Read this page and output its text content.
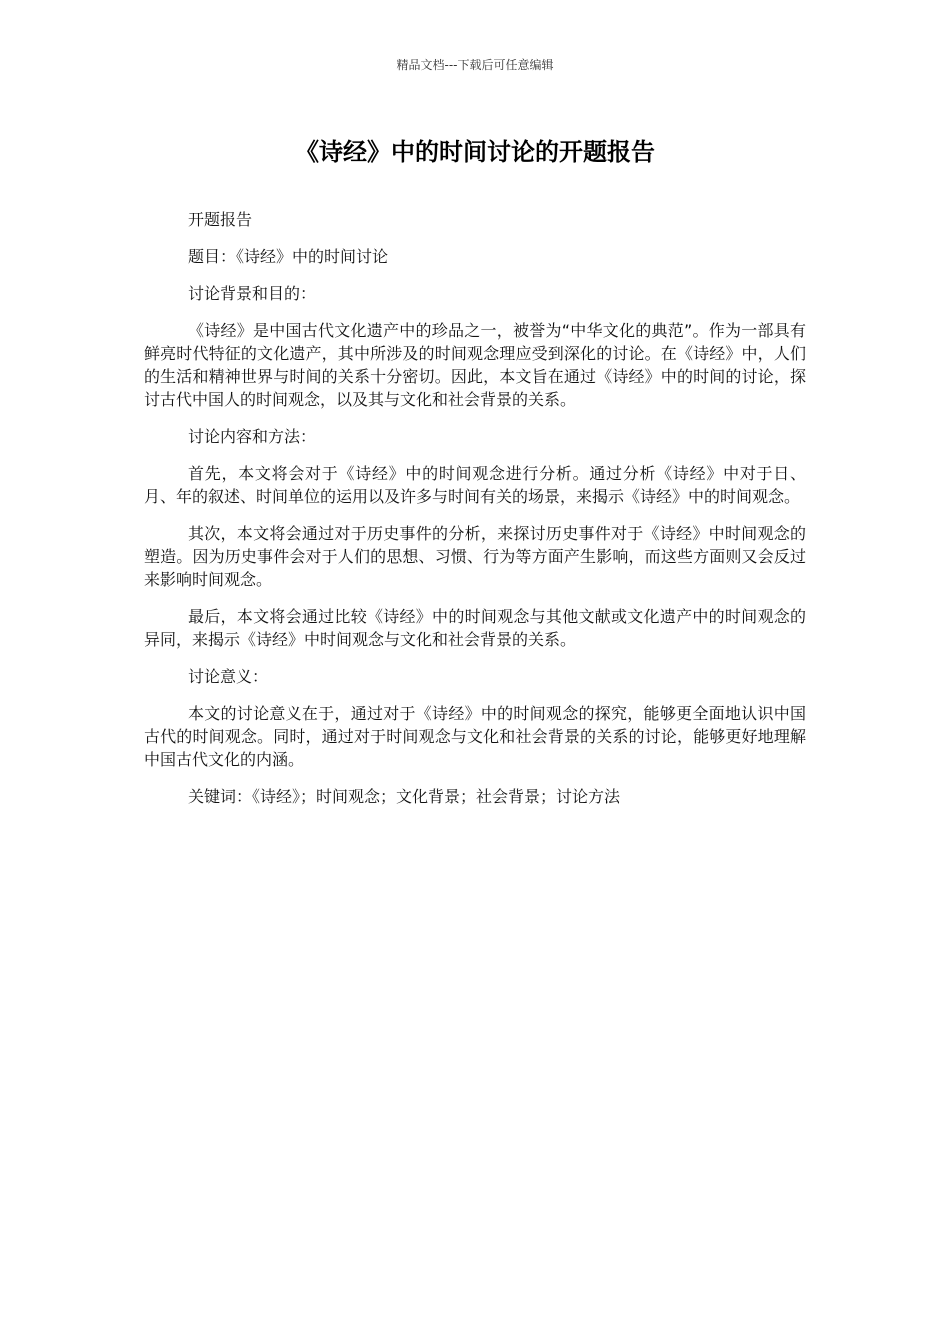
精品文档---下载后可任意编辑
《诗经》中的时间讨论的开题报告

开题报告

题目：《诗经》中的时间讨论

讨论背景和目的：

《诗经》是中国古代文化遗产中的珍品之一，被誉为“中华文化的典范”。作为一部具有鲜亮时代特征的文化遗产，其中所涉及的时间观念理应受到深化的讨论。在《诗经》中，人们的生活和精神世界与时间的关系十分密切。因此，本文旨在通过《诗经》中的时间的讨论，探讨古代中国人的时间观念，以及其与文化和社会背景的关系。

讨论内容和方法：

首先，本文将会对于《诗经》中的时间观念进行分析。通过分析《诗经》中对于日、月、年的叙述、时间单位的运用以及许多与时间有关的场景，来揭示《诗经》中的时间观念。

其次，本文将会通过对于历史事件的分析，来探讨历史事件对于《诗经》中时间观念的塑造。因为历史事件会对于人们的思想、习惯、行为等方面产生影响，而这些方面则又会反过来影响时间观念。

最后，本文将会通过比较《诗经》中的时间观念与其他文献或文化遗产中的时间观念的异同，来揭示《诗经》中时间观念与文化和社会背景的关系。

讨论意义：

本文的讨论意义在于，通过对于《诗经》中的时间观念的探究，能够更全面地认识中国古代的时间观念。同时，通过对于时间观念与文化和社会背景的关系的讨论，能够更好地理解中国古代文化的内涵。

关键词：《诗经》；时间观念；文化背景；社会背景；讨论方法
